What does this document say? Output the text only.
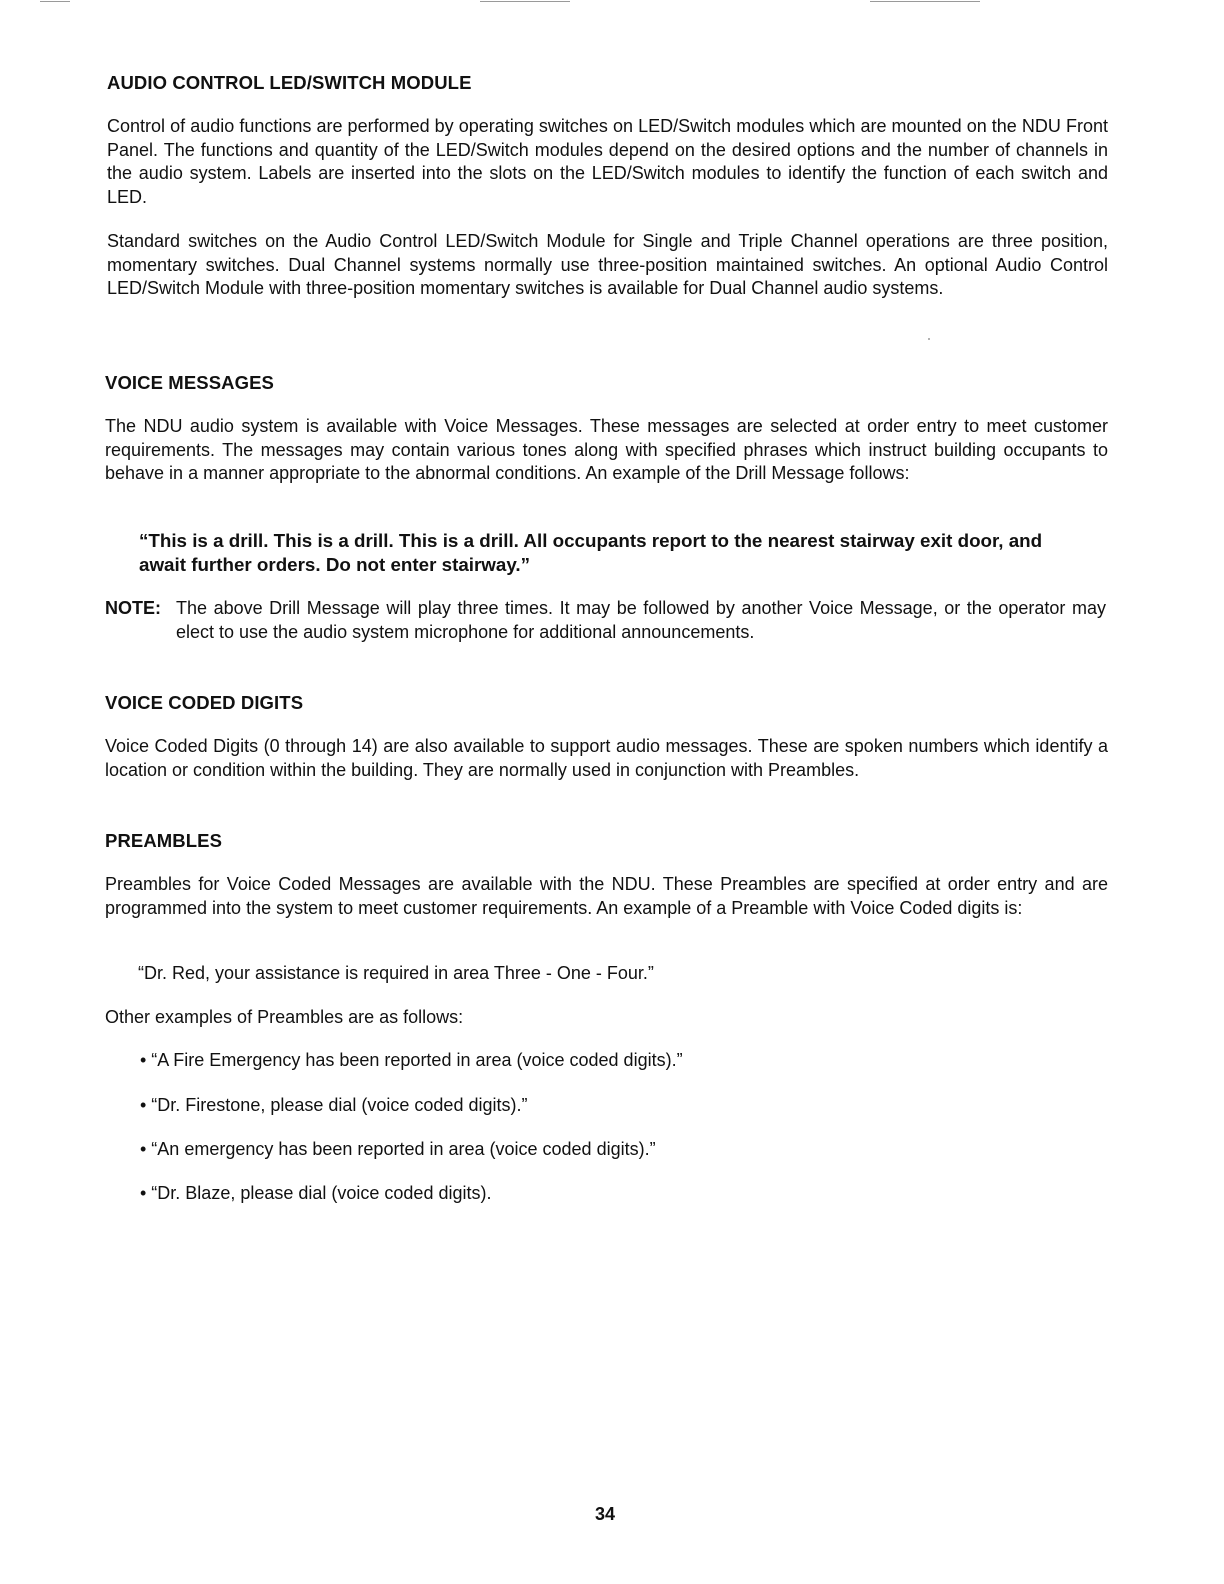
AUDIO CONTROL LED/SWITCH MODULE

Control of audio functions are performed by operating switches on LED/Switch modules which are mounted on the NDU Front Panel. The functions and quantity of the LED/Switch modules depend on the desired options and the number of channels in the audio system. Labels are inserted into the slots on the LED/Switch modules to identify the function of each switch and LED.

Standard switches on the Audio Control LED/Switch Module for Single and Triple Channel operations are three position, momentary switches. Dual Channel systems normally use three-position maintained switches. An optional Audio Control LED/Switch Module with three-position momentary switches is available for Dual Channel audio systems.

VOICE MESSAGES

The NDU audio system is available with Voice Messages. These messages are selected at order entry to meet customer requirements. The messages may contain various tones along with specified phrases which instruct building occupants to behave in a manner appropriate to the abnormal conditions. An example of the Drill Message follows:

“This is a drill. This is a drill. This is a drill. All occupants report to the nearest stairway exit door, and await further orders. Do not enter stairway.”

NOTE: The above Drill Message will play three times. It may be followed by another Voice Message, or the operator may elect to use the audio system microphone for additional announcements.
VOICE CODED DIGITS

Voice Coded Digits (0 through 14) are also available to support audio messages. These are spoken numbers which identify a location or condition within the building. They are normally used in conjunction with Preambles.

PREAMBLES

Preambles for Voice Coded Messages are available with the NDU. These Preambles are specified at order entry and are programmed into the system to meet customer requirements. An example of a Preamble with Voice Coded digits is:

“Dr. Red, your assistance is required in area Three - One - Four.”

Other examples of Preambles are as follows:

• “A Fire Emergency has been reported in area (voice coded digits).”

• “Dr. Firestone, please dial (voice coded digits).”

• “An emergency has been reported in area (voice coded digits).”

• “Dr. Blaze, please dial (voice coded digits).

34
